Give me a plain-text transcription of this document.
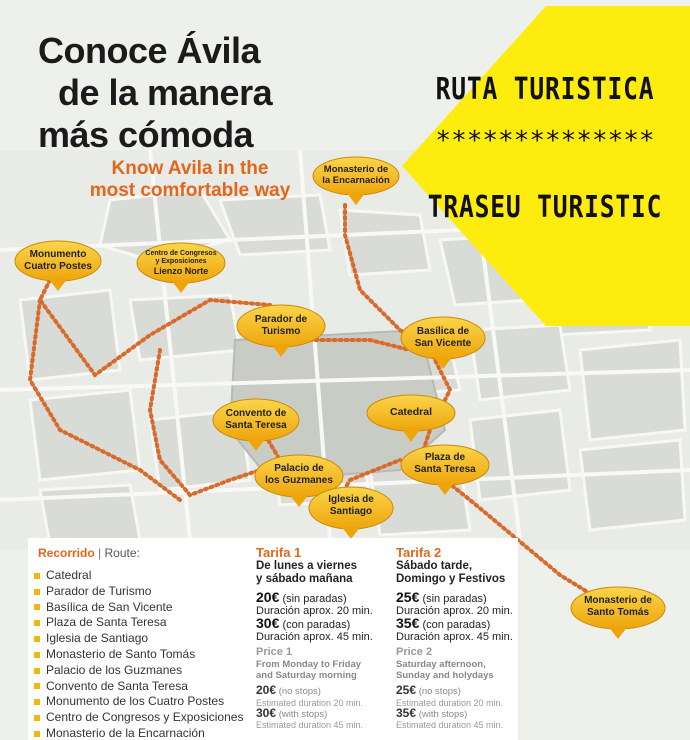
RUTA TURISTICA
**************
TRASEU TURISTIC
Conoce Ávila
de la manera
más cómoda
Know Avila in the
most comfortable way
Monasterio de
la Encarnación
Monumento
Cuatro Postes
Centro de Congresos
y Exposiciones
Lienzo Norte
Parador de
Turismo	Basílica de
San Vicente
Catedral
Convento de
Santa Teresa
Plaza de
Santa Teresa
Palacio de
los Guzmanes
Iglesia de
Santiago
Monasterio de
Santo Tomás
Recorrido | Route:
Catedral
Parador de Turismo
Basílica de San Vicente
Plaza de Santa Teresa
Iglesia de Santiago
Monasterio de Santo Tomás
Palacio de los Guzmanes
Convento de Santa Teresa
Monumento de los Cuatro Postes
Centro de Congresos y Exposiciones
Monasterio de la Encarnación
Tarifa 1
De lunes a viernes
y sábado mañana
20€ (sin paradas)
Duración aprox. 20 min.
30€ (con paradas)
Duración aprox. 45 min.
Price 1
From Monday to Friday
and Saturday morning
20€ (no stops)
Estimated duration 20 min.
30€ (with stops)
Estimated duration 45 min.
Tarifa 2
Sábado tarde,
Domingo y Festivos
25€ (sin paradas)
Duración aprox. 20 min.
35€ (con paradas)
Duración aprox. 45 min.
Price 2
Saturday afternoon,
Sunday and holydays
25€ (no stops)
Estimated duration 20 min.
35€ (with stops)
Estimated duration 45 min.
